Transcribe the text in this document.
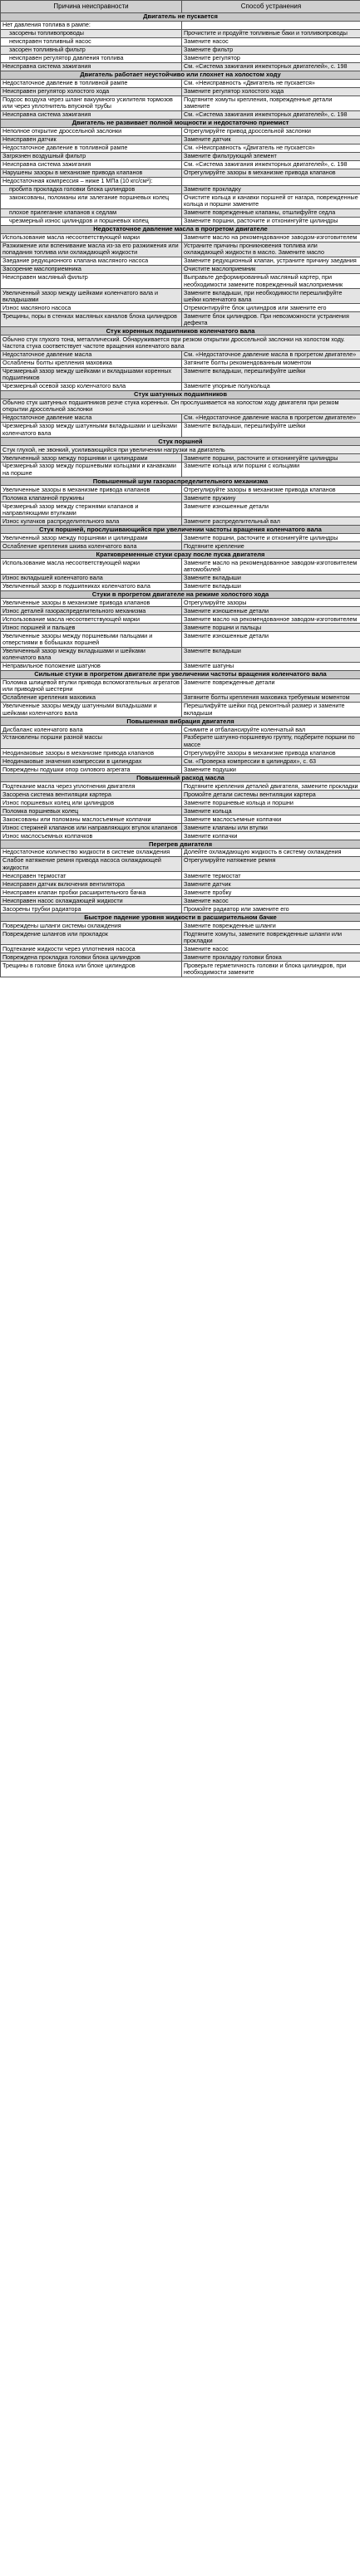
Причина неисправности	Способ устранения
Двигатель не пускается	
Нет давления топлива в рампе:	

засорены топливопроводы	Прочистите и продуйте топливные баки и топливопроводы

неисправен топливный насос	Замените насос

засорен топливный фильтр	Замените фильтр

неисправен регулятор давления топлива	Замените регулятор
Неисправна система зажигания	См. «Система зажигания инжекторных двигателей», с. 198
Двигатель работает неустойчиво или глохнет на холостом ходу	
Недостаточное давление в топливной рампе	См. «Неисправность «Двигатель не пускается»
Неисправен регулятор холостого хода	Замените регулятор холостого хода
Подсос воздуха через шланг вакуумного усилителя тормозов или через уплотнитель впускной трубы	Подтяните хомуты крепления, поврежденные детали замените
Неисправна система зажигания	См. «Система зажигания инжекторных двигателей», с. 198
Двигатель не развивает полной мощности и недостаточно приемист	
Неполное открытие дроссельной заслонки	Отрегулируйте привод дроссельной заслонки
Неисправен датчик	Замените датчик
Недостаточное давление в топливной рампе	См. «Неисправность «Двигатель не пускается»
Загрязнен воздушный фильтр	Замените фильтрующий элемент
Неисправна система зажигания	См. «Система зажигания инжекторных двигателей», с. 198
Нарушены зазоры в механизме привода клапанов	Отрегулируйте зазоры в механизме привода клапанов
Недостаточная компрессия – ниже 1 МПа (10 кгс/см²):	

пробита прокладка головки блока цилиндров	Замените прокладку

закоксованы, поломаны или залегание поршневых колец	Очистите кольца и канавки поршней от нагара, поврежденные кольца и поршни замените

плохое прилегание клапанов к седлам	Замените поврежденные клапаны, отшлифуйте седла

чрезмерный износ цилиндров и поршневых колец	Замените поршни, расточите и отхонингуйте цилиндры
Недостаточное давление масла в прогретом двигателе	
Использование масла несоответствующей марки	Замените масло на рекомендованное заводом-изготовителем
Разжижение или вспенивание масла из-за его разжижения или попадания топлива или охлаждающей жидкости	Устраните причины проникновения топлива или охлаждающей жидкости в масло. Замените масло
Заедание редукционного клапана масляного насоса	Замените редукционный клапан, устраните причину заедания
Засорение маслоприемника	Очистите маслоприемник
Неисправен масляный фильтр	Выправьте деформированный масляный картер, при необходимости замените поврежденный маслоприемник
Увеличенный зазор между шейками коленчатого вала и вкладышами	Замените вкладыши, при необходимости перешлифуйте шейки коленчатого вала
Износ масляного насоса	Отремонтируйте блок цилиндров или замените его
Трещины, поры в стенках масляных каналов блока цилиндров	Замените блок цилиндров. При невозможности устранения дефекта
Стук коренных подшипников коленчатого вала	
Обычно стук глухого тона, металлический. Обнаруживается при резком открытии дроссельной заслонки на холостом ходу. Частота стука соответствует частоте вращения коленчатого вала	
Недостаточное давление масла	См. «Недостаточное давление масла в прогретом двигателе»
Ослаблены болты крепления маховика	Затяните болты рекомендованным моментом
Чрезмерный зазор между шейками и вкладышами коренных подшипников	Замените вкладыши, перешлифуйте шейки
Чрезмерный осевой зазор коленчатого вала	Замените упорные полукольца
Стук шатунных подшипников	
Обычно стук шатунных подшипников резче стука коренных. Он прослушивается на холостом ходу двигателя при резком открытии дроссельной заслонки	
Недостаточное давление масла	См. «Недостаточное давление масла в прогретом двигателе»
Чрезмерный зазор между шатунными вкладышами и шейками коленчатого вала	Замените вкладыши, перешлифуйте шейки
Стук поршней	
Стук глухой, не звонкий, усиливающийся при увеличении нагрузки на двигатель	
Увеличенный зазор между поршнями и цилиндрами	Замените поршни, расточите и отхонингуйте цилиндры
Чрезмерный зазор между поршневыми кольцами и канавками на поршне	Замените кольца или поршни с кольцами
Повышенный шум газораспределительного механизма	
Увеличенные зазоры в механизме привода клапанов	Отрегулируйте зазоры в механизме привода клапанов
Поломка клапанной пружины	Замените пружину
Чрезмерный зазор между стержнями клапанов и направляющими втулками	Замените изношенные детали
Износ кулачков распределительного вала	Замените распределительный вал
Стук поршней, прослушивающийся при увеличении частоты вращения коленчатого вала	
Увеличенный зазор между поршнями и цилиндрами	Замените поршни, расточите и отхонингуйте цилиндры
Ослабление крепления шкива коленчатого вала	Подтяните крепление
Кратковременные стуки сразу после пуска двигателя	
Использование масла несоответствующей марки	Замените масло на рекомендованное заводом-изготовителем автомобилей
Износ вкладышей коленчатого вала	Замените вкладыши
Увеличенный зазор в подшипниках коленчатого вала	Замените вкладыши
Стуки в прогретом двигателе на режиме холостого хода	
Увеличенные зазоры в механизме привода клапанов	Отрегулируйте зазоры
Износ деталей газораспределительного механизма	Замените изношенные детали
Использование масла несоответствующей марки	Замените масло на рекомендованное заводом-изготовителем
Износ поршней и пальцев	Замените поршни и пальцы
Увеличенные зазоры между поршневыми пальцами и отверстиями в бобышках поршней	Замените изношенные детали
Увеличенный зазор между вкладышами и шейками коленчатого вала	Замените вкладыши
Неправильное положение шатунов	Замените шатуны
Сильные стуки в прогретом двигателе при увеличении частоты вращения коленчатого вала	
Поломка шлицевой втулки привода вспомогательных агрегатов или приводной шестерни	Замените поврежденные детали
Ослабление крепления маховика	Затяните болты крепления маховика требуемым моментом
Увеличенные зазоры между шатунными вкладышами и шейками коленчатого вала	Перешлифуйте шейки под ремонтный размер и замените вкладыши
Повышенная вибрация двигателя	
Дисбаланс коленчатого вала	Снимите и отбалансируйте коленчатый вал
Установлены поршни разной массы	Разберите шатунно-поршневую группу, подберите поршни по массе
Неодинаковые зазоры в механизме привода клапанов	Отрегулируйте зазоры в механизме привода клапанов
Неодинаковые значения компрессии в цилиндрах	См. «Проверка компрессии в цилиндрах», с. 63
Повреждены подушки опор силового агрегата	Замените подушки
Повышенный расход масла	
Подтекание масла через уплотнения двигателя	Подтяните крепления деталей двигателя, замените прокладки
Засорена система вентиляции картера	Промойте детали системы вентиляции картера
Износ поршневых колец или цилиндров	Замените поршневые кольца и поршни
Поломка поршневых колец	Замените кольца
Закоксованы или поломаны маслосъемные колпачки	Замените маслосъемные колпачки
Износ стержней клапанов или направляющих втулок клапанов	Замените клапаны или втулки
Износ маслосъемных колпачков	Замените колпачки
Перегрев двигателя	
Недостаточное количество жидкости в системе охлаждения	Долейте охлаждающую жидкость в систему охлаждения
Слабое натяжение ремня привода насоса охлаждающей жидкости	Отрегулируйте натяжение ремня
Неисправен термостат	Замените термостат
Неисправен датчик включения вентилятора	Замените датчик
Неисправен клапан пробки расширительного бачка	Замените пробку
Неисправен насос охлаждающей жидкости	Замените насос
Засорены трубки радиатора	Промойте радиатор или замените его
Быстрое падение уровня жидкости в расширительном бачке	
Повреждены шланги системы охлаждения	Замените поврежденные шланги
Повреждение шлангов или прокладок	Подтяните хомуты, замените поврежденные шланги или прокладки
Подтекание жидкости через уплотнения насоса	Замените насос
Повреждена прокладка головки блока цилиндров	Замените прокладку головки блока
Трещины в головке блока или блоке цилиндров	Проверьте герметичность головки и блока цилиндров, при необходимости замените
